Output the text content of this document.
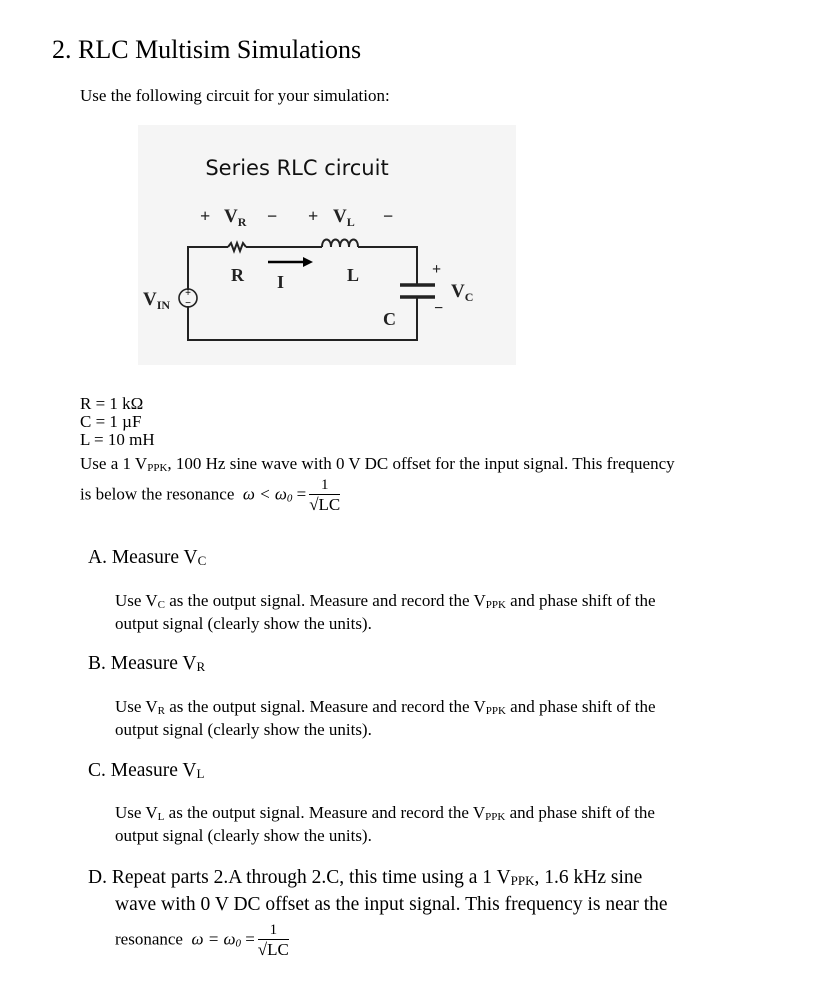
2. RLC Multisim Simulations
Use the following circuit for your simulation:
+
−
Series RLC circuit
+ $V_R$ − + $V_L$ −
R I	L
C
+
$V_C$
−
$V_{IN}$
R = 1 kΩ
C = 1 µF
L = 10 mH
Use a 1 $V_{PPK}$, 100 Hz sine wave with 0 V DC offset for the input signal. This frequency
is below the resonance $\omega < \omega_0 = \frac{1}{√LC}$
A. Measure $V_C$
Use $V_C$ as the output signal. Measure and record the $V_{PPK}$ and phase shift of the
output signal (clearly show the units).
B. Measure $V_R$
Use $V_R$ as the output signal. Measure and record the $V_{PPK}$ and phase shift of the
output signal (clearly show the units).
C. Measure $V_L$
Use $V_L$ as the output signal. Measure and record the $V_{PPK}$ and phase shift of the
output signal (clearly show the units).
D. Repeat parts 2.A through 2.C, this time using a 1 $V_{PPK}$, 1.6 kHz sine
wave with 0 V DC offset as the input signal. This frequency is near the
resonance $\omega = \omega_0 = \frac{1}{√LC}$
